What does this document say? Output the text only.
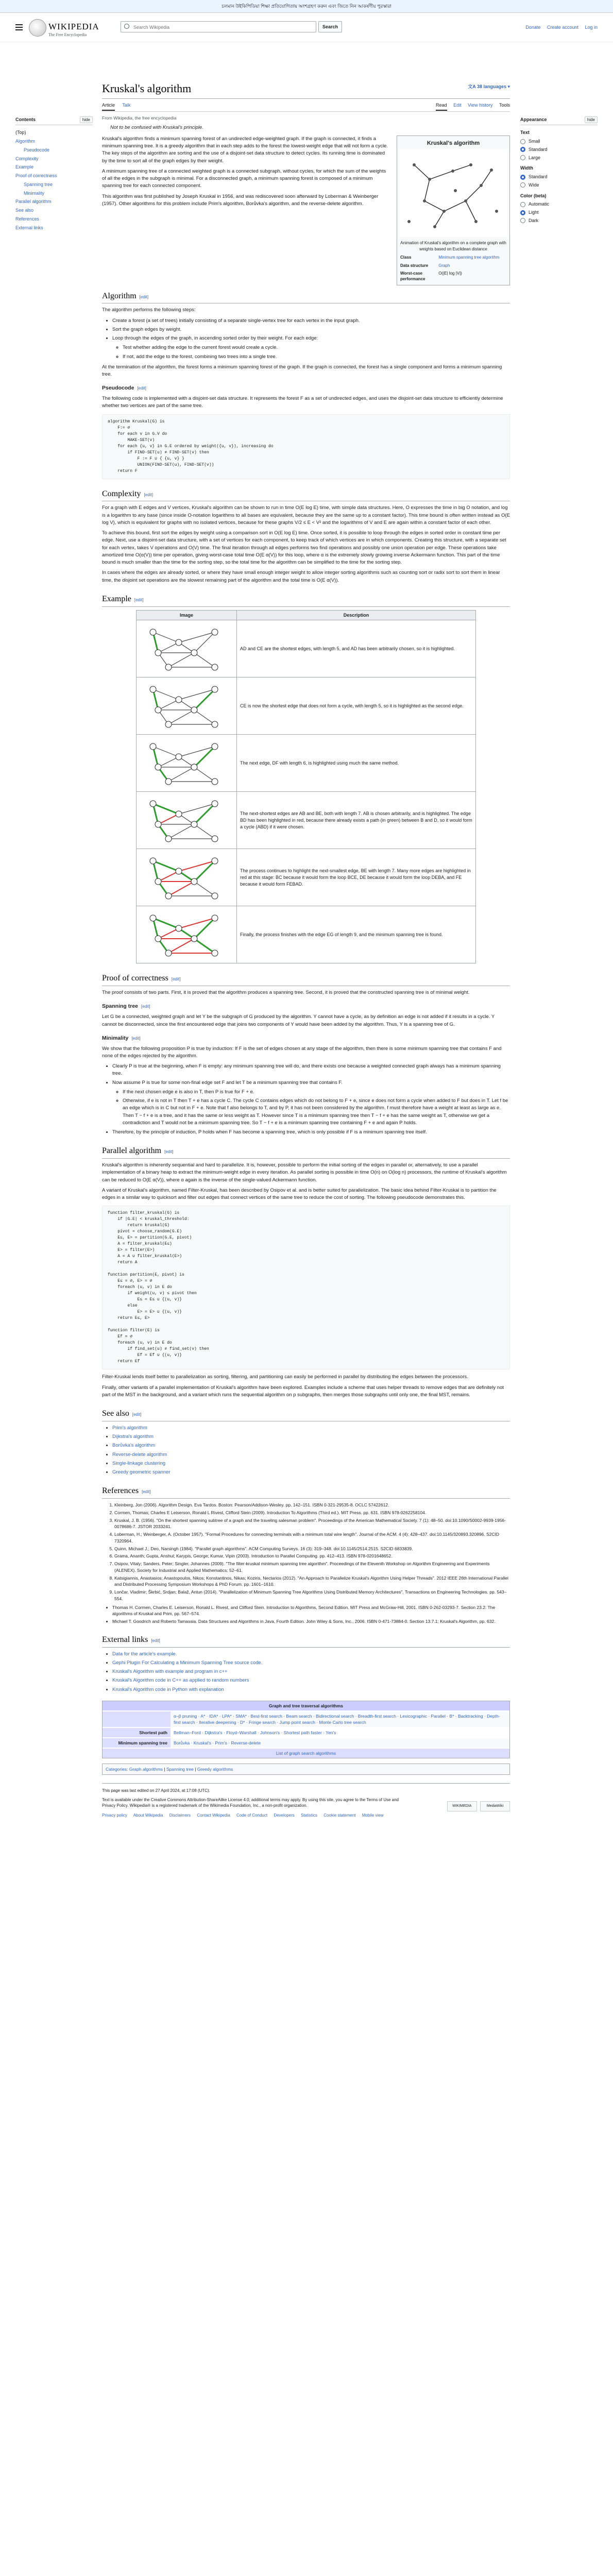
চলমান উইকিপিডিয়া শিক্ষা প্রতিযোগিতায় অংশগ্রহণ করুন এবং জিতে নিন আকর্ষণীয় পুরস্কার!
WIKIPEDIA
The Free Encyclopedia
Search Wikipedia
Search	Donate Create account Log in
Contents	hide
(Top)
Algorithm
Pseudocode
Complexity
Example
Proof of correctness
Spanning tree
Minimality
Parallel algorithm
See also
References
External links
Appearance	hide
Text
Small
Standard
Large
Width
Standard
Wide
Color (beta)
Automatic
Light
Dark
Kruskal's algorithm	文A 38 languages ▾
Article Talk	Read Edit View history Tools
From Wikipedia, the free encyclopedia
Not to be confused with Kruskal's principle.
Kruskal's algorithm
Animation of Kruskal's algorithm on a complete graph with weights based on Euclidean distance
Class	Minimum spanning tree algorithm
Data structure	Graph
Worst-case performance	O(|E| log |V|)

Kruskal's algorithm finds a minimum spanning forest of an undirected edge-weighted graph. If the graph is connected, it finds a minimum spanning tree. It is a greedy algorithm that in each step adds to the forest the lowest-weight edge that will not form a cycle. The key steps of the algorithm are sorting and the use of a disjoint-set data structure to detect cycles. Its running time is dominated by the time to sort all of the graph edges by their weight.

A minimum spanning tree of a connected weighted graph is a connected subgraph, without cycles, for which the sum of the weights of all the edges in the subgraph is minimal. For a disconnected graph, a minimum spanning forest is composed of a minimum spanning tree for each connected component.

This algorithm was first published by Joseph Kruskal in 1956, and was rediscovered soon afterward by Loberman & Weinberger (1957). Other algorithms for this problem include Prim's algorithm, Borůvka's algorithm, and the reverse-delete algorithm.

Algorithm [edit]

The algorithm performs the following steps:

• Create a forest (a set of trees) initially consisting of a separate single-vertex tree for each vertex in the input graph.
• Sort the graph edges by weight.
• Loop through the edges of the graph, in ascending sorted order by their weight. For each edge:
◦ Test whether adding the edge to the current forest would create a cycle.
◦ If not, add the edge to the forest, combining two trees into a single tree.

At the termination of the algorithm, the forest forms a minimum spanning forest of the graph. If the graph is connected, the forest has a single component and forms a minimum spanning tree.

Pseudocode [edit]

The following code is implemented with a disjoint-set data structure. It represents the forest F as a set of undirected edges, and uses the disjoint-set data structure to efficiently determine whether two vertices are part of the same tree.

algorithm Kruskal(G) is
F:= ∅
for each v in G.V do
MAKE-SET(v)
for each {u, v} in G.E ordered by weight({u, v}), increasing do
if FIND-SET(u) ≠ FIND-SET(v) then
F := F ∪ { {u, v} }
UNION(FIND-SET(u), FIND-SET(v))
return F
Complexity [edit]

For a graph with E edges and V vertices, Kruskal's algorithm can be shown to run in time O(E log E) time, with simple data structures. Here, O expresses the time in big O notation, and log is a logarithm to any base (since inside O-notation logarithms to all bases are equivalent, because they are the same up to a constant factor). This time bound is often written instead as O(E log V), which is equivalent for graphs with no isolated vertices, because for these graphs V/2 ≤ E < V² and the logarithms of V and E are again within a constant factor of each other.

To achieve this bound, first sort the edges by weight using a comparison sort in O(E log E) time. Once sorted, it is possible to loop through the edges in sorted order in constant time per edge. Next, use a disjoint-set data structure, with a set of vertices for each component, to keep track of which vertices are in which components. Creating this structure, with a separate set for each vertex, takes V operations and O(V) time. The final iteration through all edges performs two find operations and possibly one union operation per edge. These operations take amortized time O(α(V)) time per operation, giving worst-case total time O(E α(V)) for this loop, where α is the extremely slowly growing inverse Ackermann function. This part of the time bound is much smaller than the time for the sorting step, so the total time for the algorithm can be simplified to the time for the sorting step.

In cases where the edges are already sorted, or where they have small enough integer weight to allow integer sorting algorithms such as counting sort or radix sort to sort them in linear time, the disjoint set operations are the slowest remaining part of the algorithm and the total time is O(E α(V)).

Example [edit]
Image	Description
	AD and CE are the shortest edges, with length 5, and AD has been arbitrarily chosen, so it is highlighted.
	CE is now the shortest edge that does not form a cycle, with length 5, so it is highlighted as the second edge.
	The next edge, DF with length 6, is highlighted using much the same method.
	The next-shortest edges are AB and BE, both with length 7. AB is chosen arbitrarily, and is highlighted. The edge BD has been highlighted in red, because there already exists a path (in green) between B and D, so it would form a cycle (ABD) if it were chosen.
	The process continues to highlight the next-smallest edge, BE with length 7. Many more edges are highlighted in red at this stage: BC because it would form the loop BCE, DE because it would form the loop DEBA, and FE because it would form FEBAD.
	Finally, the process finishes with the edge EG of length 9, and the minimum spanning tree is found.
Proof of correctness [edit]

The proof consists of two parts. First, it is proved that the algorithm produces a spanning tree. Second, it is proved that the constructed spanning tree is of minimal weight.

Spanning tree [edit]

Let G be a connected, weighted graph and let Y be the subgraph of G produced by the algorithm. Y cannot have a cycle, as by definition an edge is not added if it results in a cycle. Y cannot be disconnected, since the first encountered edge that joins two components of Y would have been added by the algorithm. Thus, Y is a spanning tree of G.

Minimality [edit]

We show that the following proposition P is true by induction: If F is the set of edges chosen at any stage of the algorithm, then there is some minimum spanning tree that contains F and none of the edges rejected by the algorithm.

• Clearly P is true at the beginning, when F is empty: any minimum spanning tree will do, and there exists one because a weighted connected graph always has a minimum spanning tree.
• Now assume P is true for some non-final edge set F and let T be a minimum spanning tree that contains F.
◦ If the next chosen edge e is also in T, then P is true for F + e.
◦ Otherwise, if e is not in T then T + e has a cycle C. The cycle C contains edges which do not belong to F + e, since e does not form a cycle when added to F but does in T. Let f be an edge which is in C but not in F + e. Note that f also belongs to T, and by P, it has not been considered by the algorithm. f must therefore have a weight at least as large as e. Then T − f + e is a tree, and it has the same or less weight as T. However since T is a minimum spanning tree then T − f + e has the same weight as T, otherwise we get a contradiction and T would not be a minimum spanning tree. So T − f + e is a minimum spanning tree containing F + e and again P holds.
• Therefore, by the principle of induction, P holds when F has become a spanning tree, which is only possible if F is a minimum spanning tree itself.
Parallel algorithm [edit]

Kruskal's algorithm is inherently sequential and hard to parallelize. It is, however, possible to perform the initial sorting of the edges in parallel or, alternatively, to use a parallel implementation of a binary heap to extract the minimum-weight edge in every iteration. As parallel sorting is possible in time O(n) on O(log n) processors, the runtime of Kruskal's algorithm can be reduced to O(E α(V)), where α again is the inverse of the single-valued Ackermann function.

A variant of Kruskal's algorithm, named Filter-Kruskal, has been described by Osipov et al. and is better suited for parallelization. The basic idea behind Filter-Kruskal is to partition the edges in a similar way to quicksort and filter out edges that connect vertices of the same tree to reduce the cost of sorting. The following pseudocode demonstrates this.

function filter_kruskal(G) is
if |G.E| < kruskal_threshold:
return kruskal(G)
pivot = choose_random(G.E)
E≤, E> = partition(G.E, pivot)
A = filter_kruskal(E≤)
E> = filter(E>)
A = A ∪ filter_kruskal(E>)
return A

function partition(E, pivot) is
E≤ = ∅, E> = ∅
foreach (u, v) in E do
if weight(u, v) ≤ pivot then
E≤ = E≤ ∪ {(u, v)}
else
E> = E> ∪ {(u, v)}
return E≤, E>

function filter(E) is
Ef = ∅
foreach (u, v) in E do
if find_set(u) ≠ find_set(v) then
Ef = Ef ∪ {(u, v)}
return Ef

Filter-Kruskal lends itself better to parallelization as sorting, filtering, and partitioning can easily be performed in parallel by distributing the edges between the processors.

Finally, other variants of a parallel implementation of Kruskal's algorithm have been explored. Examples include a scheme that uses helper threads to remove edges that are definitely not part of the MST in the background, and a variant which runs the sequential algorithm on p subgraphs, then merges those subgraphs until only one, the final MST, remains.

See also [edit]
• Prim's algorithm
• Dijkstra's algorithm
• Borůvka's algorithm
• Reverse-delete algorithm
• Single-linkage clustering
• Greedy geometric spanner
References [edit]
1. Kleinberg, Jon (2006). Algorithm Design. Eva Tardos. Boston: Pearson/Addison-Wesley. pp. 142–151. ISBN 0-321-29535-8. OCLC 57422612.
2. Cormen, Thomas; Charles E Leiserson, Ronald L Rivest, Clifford Stein (2009). Introduction To Algorithms (Third ed.). MIT Press. pp. 631. ISBN 978-0262258104.
3. Kruskal, J. B. (1956). "On the shortest spanning subtree of a graph and the traveling salesman problem". Proceedings of the American Mathematical Society. 7 (1): 48–50. doi:10.1090/S0002-9939-1956-0078686-7. JSTOR 2033241.
4. Loberman, H.; Weinberger, A. (October 1957). "Formal Procedures for connecting terminals with a minimum total wire length". Journal of the ACM. 4 (4): 428–437. doi:10.1145/320893.320896. S2CID 7320964.
5. Quinn, Michael J.; Deo, Narsingh (1984). "Parallel graph algorithms". ACM Computing Surveys. 16 (3): 319–348. doi:10.1145/2514.2515. S2CID 6833839.
6. Grama, Ananth; Gupta, Anshul; Karypis, George; Kumar, Vipin (2003). Introduction to Parallel Computing. pp. 412–413. ISBN 978-0201648652.
7. Osipov, Vitaly; Sanders, Peter; Singler, Johannes (2009). "The filter-kruskal minimum spanning tree algorithm". Proceedings of the Eleventh Workshop on Algorithm Engineering and Experiments (ALENEX). Society for Industrial and Applied Mathematics: 52–61.
8. Katsigiannis, Anastasios; Anastopoulos, Nikos; Konstantinos, Nikas; Koziris, Nectarios (2012). "An Approach to Parallelize Kruskal's Algorithm Using Helper Threads". 2012 IEEE 26th International Parallel and Distributed Processing Symposium Workshops & PhD Forum. pp. 1601–1610.
9. Lončar, Vladimir; Škrbić, Srdjan; Balaž, Antun (2014). "Parallelization of Minimum Spanning Tree Algorithms Using Distributed Memory Architectures". Transactions on Engineering Technologies. pp. 543–554.
• Thomas H. Cormen, Charles E. Leiserson, Ronald L. Rivest, and Clifford Stein. Introduction to Algorithms, Second Edition. MIT Press and McGraw-Hill, 2001. ISBN 0-262-03293-7. Section 23.2: The algorithms of Kruskal and Prim, pp. 567–574.
• Michael T. Goodrich and Roberto Tamassia. Data Structures and Algorithms in Java, Fourth Edition. John Wiley & Sons, Inc., 2006. ISBN 0-471-73884-0. Section 13.7.1: Kruskal's Algorithm, pp. 632.
External links [edit]
• Data for the article's example.
• Gephi Plugin For Calculating a Minimum Spanning Tree source code.
• Kruskal's Algorithm with example and program in c++
• Kruskal's Algorithm code in C++ as applied to random numbers
• Kruskal's Algorithm code in Python with explanation
Graph and tree traversal algorithms
	α–β pruning · A* · IDA* · LPA* · SMA* · Best-first search · Beam search · Bidirectional search · Breadth-first search · Lexicographic · Parallel · B* · Backtracking · Depth-first search · Iterative deepening · D* · Fringe search · Jump point search · Monte Carlo tree search
Shortest path	Bellman–Ford · Dijkstra's · Floyd–Warshall · Johnson's · Shortest path faster · Yen's
Minimum spanning tree	Borůvka · Kruskal's · Prim's · Reverse-delete
List of graph search algorithms	
Categories: Graph algorithms | Spanning tree | Greedy algorithms
This page was last edited on 27 April 2024, at 17:08 (UTC).
Text is available under the Creative Commons Attribution-ShareAlike License 4.0; additional terms may apply. By using this site, you agree to the Terms of Use and Privacy Policy. Wikipedia® is a registered trademark of the Wikimedia Foundation, Inc., a non-profit organization.
Privacy policy About Wikipedia Disclaimers Contact Wikipedia Code of Conduct Developers Statistics Cookie statement Mobile view
WIKIMEDIA	MediaWiki
